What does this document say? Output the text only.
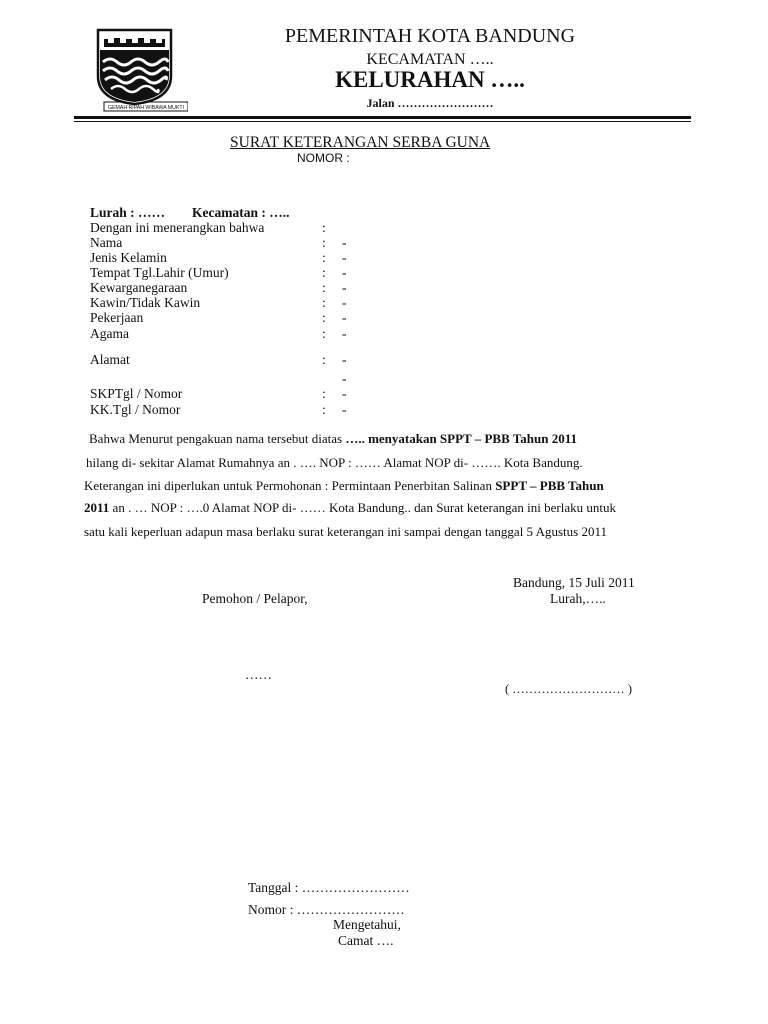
GEMAH RIPAH WIBAWA MUKTI
PEMERINTAH KOTA BANDUNG
KECAMATAN …..
KELURAHAN …..
Jalan ……………………
SURAT KETERANGAN SERBA GUNA
NOMOR :
Lurah : …… Kecamatan : …..
Dengan ini menerangkan bahwa	:
Nama	: -
Jenis Kelamin	: -
Tempat Tgl.Lahir (Umur)	: -
Kewarganegaraan	: -
Kawin/Tidak Kawin	: -
Pekerjaan	: -
Agama	: -
Alamat	: -
-
SKPTgl / Nomor	: -
KK.Tgl / Nomor	: -
Bahwa Menurut pengakuan nama tersebut diatas ….. menyatakan SPPT – PBB Tahun 2011
hilang di- sekitar Alamat Rumahnya an . …. NOP : …… Alamat NOP di- ……. Kota Bandung.
Keterangan ini diperlukan untuk Permohonan : Permintaan Penerbitan Salinan SPPT – PBB Tahun
2011 an . … NOP : ….0 Alamat NOP di- …… Kota Bandung.. dan Surat keterangan ini berlaku untuk
satu kali keperluan adapun masa berlaku surat keterangan ini sampai dengan tanggal 5 Agustus 2011
Bandung, 15 Juli 2011
Pemohon / Pelapor,	Lurah,…..
……
( ……………………… )
Tanggal : ……………………
Nomor : ……………………
Mengetahui,
Camat ….
